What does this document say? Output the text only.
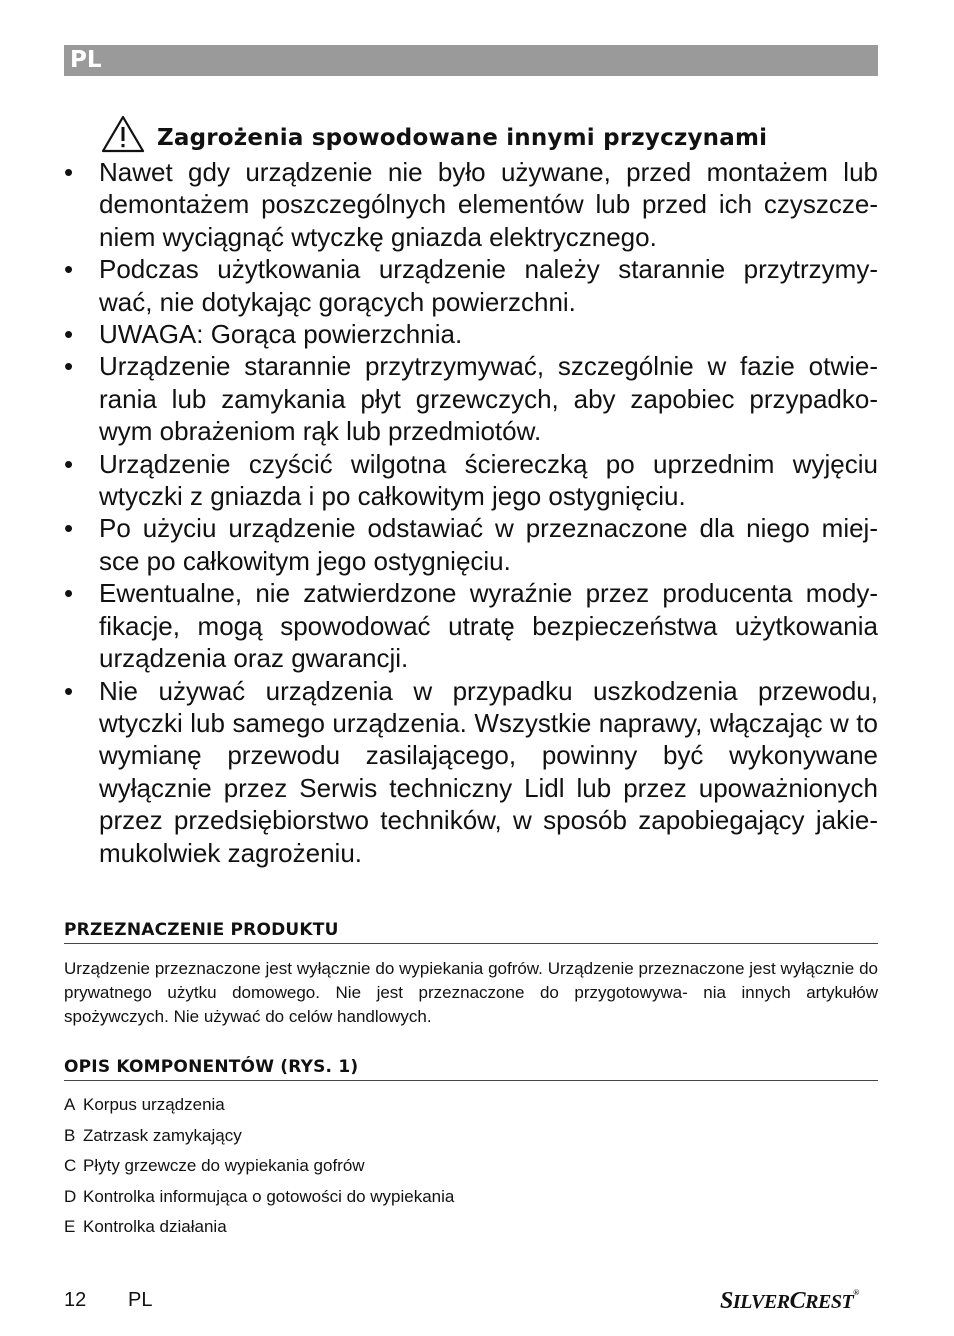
PL
Zagrożenia spowodowane innymi przyczynami
• Nawet gdy urządzenie nie było używane, przed montażem lub demontażem poszczególnych elementów lub przed ich czyszcze- niem wyciągnąć wtyczkę gniazda elektrycznego.
• Podczas użytkowania urządzenie należy starannie przytrzymy- wać, nie dotykając gorących powierzchni.
• UWAGA: Gorąca powierzchnia.
• Urządzenie starannie przytrzymywać, szczególnie w fazie otwie- rania lub zamykania płyt grzewczych, aby zapobiec przypadko- wym obrażeniom rąk lub przedmiotów.
• Urządzenie czyścić wilgotna ściereczką po uprzednim wyjęciu wtyczki z gniazda i po całkowitym jego ostygnięciu.
• Po użyciu urządzenie odstawiać w przeznaczone dla niego miej- sce po całkowitym jego ostygnięciu.
• Ewentualne, nie zatwierdzone wyraźnie przez producenta mody- fikacje, mogą spowodować utratę bezpieczeństwa użytkowania urządzenia oraz gwarancji.
• Nie używać urządzenia w przypadku uszkodzenia przewodu, wtyczki lub samego urządzenia. Wszystkie naprawy, włączając w to wymianę przewodu zasilającego, powinny być wykonywane wyłącznie przez Serwis techniczny Lidl lub przez upoważnionych przez przedsiębiorstwo techników, w sposób zapobiegający jakie- mukolwiek zagrożeniu.
PRZEZNACZENIE PRODUKTU
Urządzenie przeznaczone jest wyłącznie do wypiekania gofrów. Urządzenie przeznaczone jest wyłącznie do prywatnego użytku domowego. Nie jest przeznaczone do przygotowywa- nia innych artykułów spożywczych. Nie używać do celów handlowych.
OPIS KOMPONENTÓW (RYS. 1)
A Korpus urządzenia
B Zatrzask zamykający
C Płyty grzewcze do wypiekania gofrów
D Kontrolka informująca o gotowości do wypiekania
E Kontrolka działania
12 PL	SILVERCREST®
